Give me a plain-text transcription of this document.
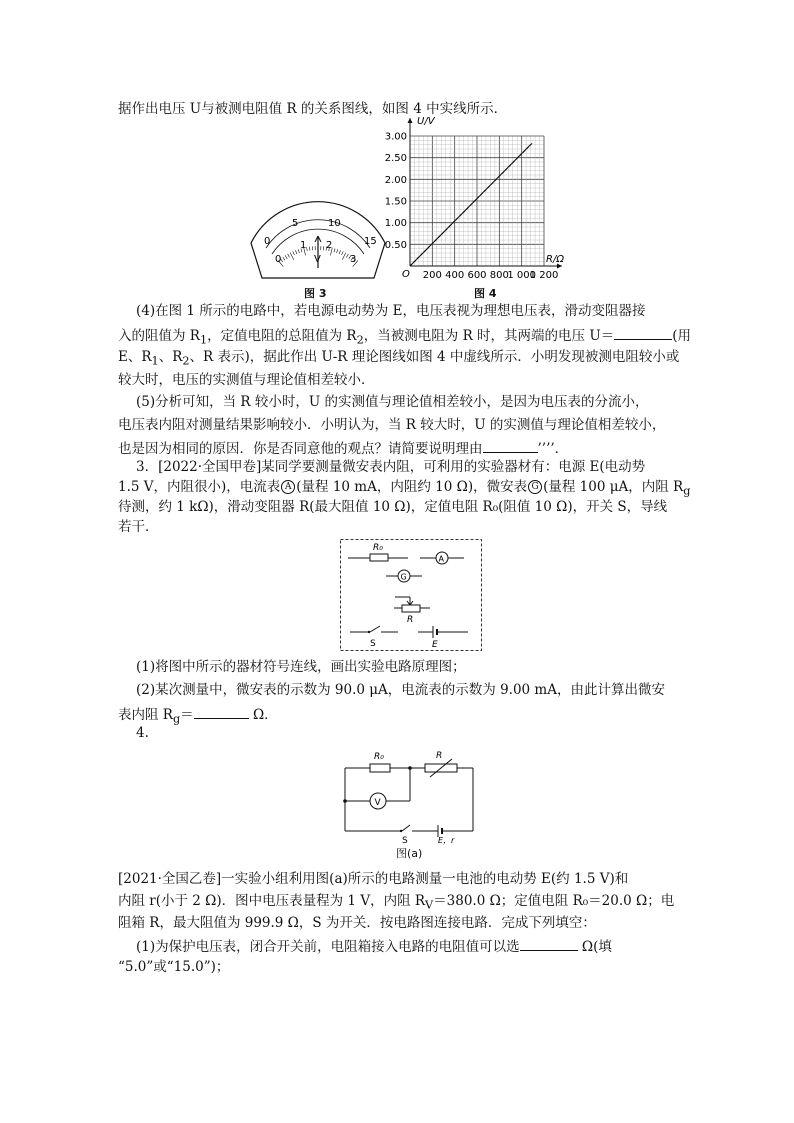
据作出电压 U与被测电阻值 R 的关系图线，如图 4 中实线所示．
0
5	10
15
0
1 2
3
V
图 3
U/V
R/Ω
O
0.50
1.00
1.50
2.00
2.50
3.00
200 400 600 800
1 000
1 200
图 4
(4)在图 1 所示的电路中，若电源电动势为 E，电压表视为理想电压表，滑动变阻器接
入的阻值为 $R_1$，定值电阻的总阻值为 $R_2$，当被测电阻为 R 时，其两端的电压 U＝	(用
E、$R_1$、$R_2$、R 表示)，据此作出 U-R 理论图线如图 4 中虚线所示．小明发现被测电阻较小或
较大时，电压的实测值与理论值相差较小．
(5)分析可知，当 R 较小时，U 的实测值与理论值相差较小，是因为电压表的分流小，
电压表内阻对测量结果影响较小．小明认为，当 R 较大时，U 的实测值与理论值相差较小，
也是因为相同的原因．你是否同意他的观点？请简要说明理由	’’’’．
3．[2022·全国甲卷]某同学要测量微安表内阻，可利用的实验器材有：电源 E(电动势
1.5 V，内阻很小)，电流表 A (量程 10 mA，内阻约 10 Ω)，微安表 G (量程 100 μA，内阻 $R_g$
待测，约 1 kΩ)，滑动变阻器 R(最大阻值 10 Ω)，定值电阻 R₀(阻值 10 Ω)，开关 S，导线
若干．
R₀
A
G
R
S	E
(1)将图中所示的器材符号连线，画出实验电路原理图；
(2)某次测量中，微安表的示数为 90.0 μA，电流表的示数为 9.00 mA，由此计算出微安
表内阻 $R_g=$	Ω．
4.
R₀	R
V
S	E，r
图(a)
[2021·全国乙卷]一实验小组利用图(a)所示的电路测量一电池的电动势 E(约 1.5 V)和
内阻 r(小于 2 Ω)．图中电压表量程为 1 V，内阻 $R_V=380.0$ Ω；定值电阻 R₀＝20.0 Ω；电
阻箱 R，最大阻值为 999.9 Ω，S 为开关．按电路图连接电路．完成下列填空：
(1)为保护电压表，闭合开关前，电阻箱接入电路的电阻值可以选	Ω(填
“5.0”或“15.0”)；
